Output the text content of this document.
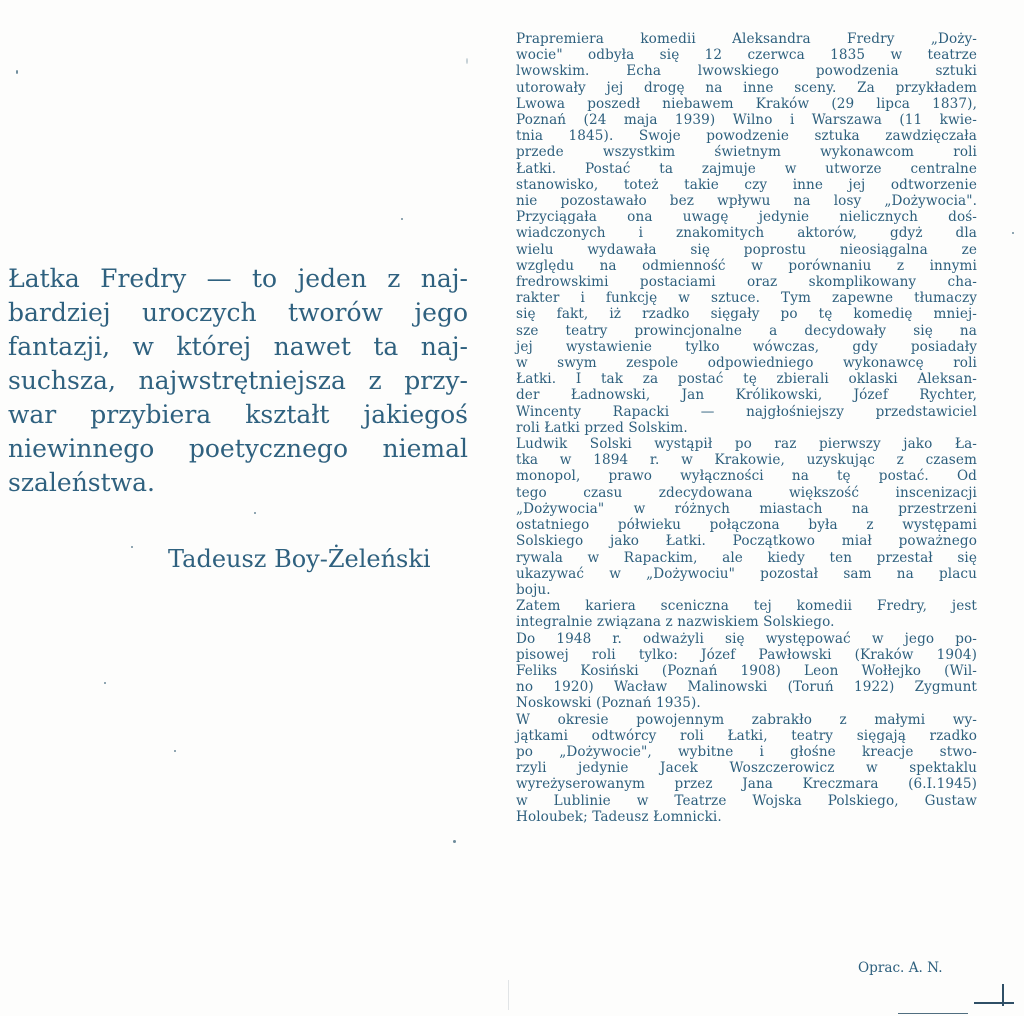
Łatka Fredry — to jeden z naj-
bardziej uroczych tworów jego
fantazji, w której nawet ta naj-
suchsza, najwstrętniejsza z przy-
war przybiera kształt jakiegoś
niewinnego poetycznego niemal
szaleństwa.
Tadeusz Boy-Żeleński
Prapremiera komedii Aleksandra Fredry „Doży-
wocie" odbyła się 12 czerwca 1835 w teatrze
lwowskim. Echa lwowskiego powodzenia sztuki
utorowały jej drogę na inne sceny. Za przykładem
Lwowa poszedł niebawem Kraków (29 lipca 1837),
Poznań (24 maja 1939) Wilno i Warszawa (11 kwie-
tnia 1845). Swoje powodzenie sztuka zawdzięczała
przede wszystkim świetnym wykonawcom roli
Łatki. Postać ta zajmuje w utworze centralne
stanowisko, toteż takie czy inne jej odtworzenie
nie pozostawało bez wpływu na losy „Dożywocia".
Przyciągała ona uwagę jedynie nielicznych doś-
wiadczonych i znakomitych aktorów, gdyż dla
wielu wydawała się poprostu nieosiągalna ze
względu na odmienność w porównaniu z innymi
fredrowskimi postaciami oraz skomplikowany cha-
rakter i funkcję w sztuce. Tym zapewne tłumaczy
się fakt, iż rzadko sięgały po tę komedię mniej-
sze teatry prowincjonalne a decydowały się na
jej wystawienie tylko wówczas, gdy posiadały
w swym zespole odpowiedniego wykonawcę roli
Łatki. I tak za postać tę zbierali oklaski Aleksan-
der Ładnowski, Jan Królikowski, Józef Rychter,
Wincenty Rapacki — najgłośniejszy przedstawiciel
roli Łatki przed Solskim.
Ludwik Solski wystąpił po raz pierwszy jako Ła-
tka w 1894 r. w Krakowie, uzyskując z czasem
monopol, prawo wyłączności na tę postać. Od
tego czasu zdecydowana większość inscenizacji
„Dożywocia" w różnych miastach na przestrzeni
ostatniego półwieku połączona była z występami
Solskiego jako Łatki. Początkowo miał poważnego
rywala w Rapackim, ale kiedy ten przestał się
ukazywać w „Dożywociu" pozostał sam na placu
boju.
Zatem kariera sceniczna tej komedii Fredry, jest
integralnie związana z nazwiskiem Solskiego.
Do 1948 r. odważyli się występować w jego po-
pisowej roli tylko: Józef Pawłowski (Kraków 1904)
Feliks Kosiński (Poznań 1908) Leon Wołłejko (Wil-
no 1920) Wacław Malinowski (Toruń 1922) Zygmunt
Noskowski (Poznań 1935).
W okresie powojennym zabrakło z małymi wy-
jątkami odtwórcy roli Łatki, teatry sięgają rzadko
po „Dożywocie", wybitne i głośne kreacje stwo-
rzyli jedynie Jacek Woszczerowicz w spektaklu
wyreżyserowanym przez Jana Kreczmara (6.I.1945)
w Lublinie w Teatrze Wojska Polskiego, Gustaw
Holoubek; Tadeusz Łomnicki.
Oprac. A. N.
